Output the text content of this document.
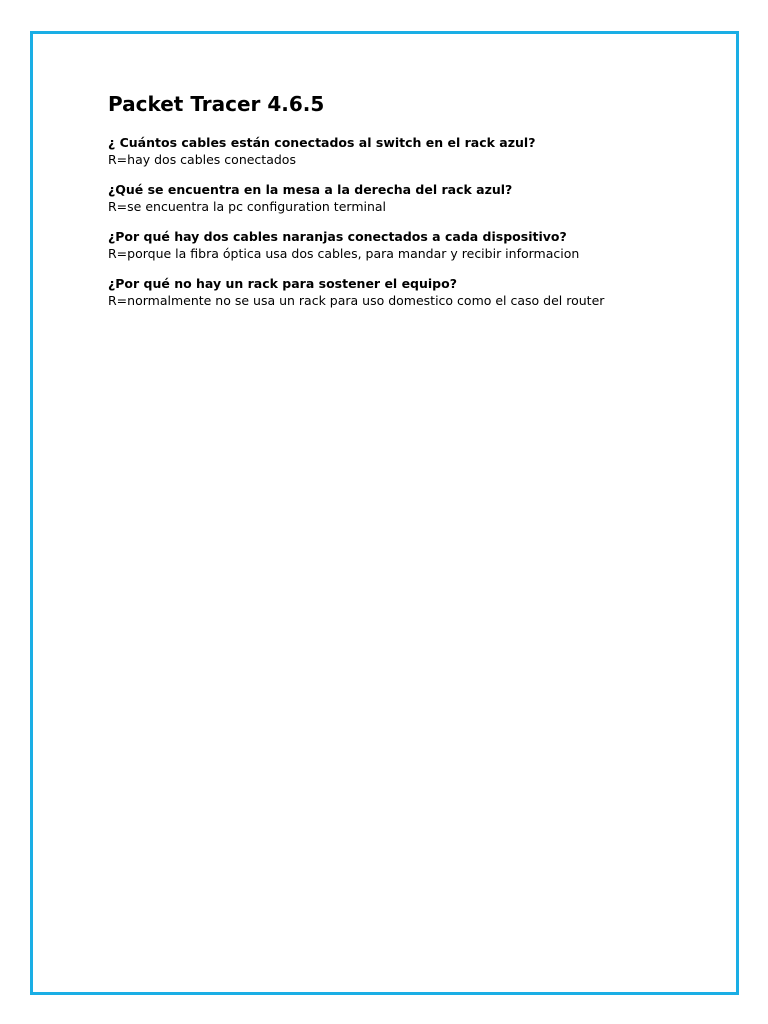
Packet Tracer 4.6.5

¿ Cuántos cables están conectados al switch en el rack azul?

R=hay dos cables conectados

¿Qué se encuentra en la mesa a la derecha del rack azul?

R=se encuentra la pc configuration terminal

¿Por qué hay dos cables naranjas conectados a cada dispositivo?

R=porque la fibra óptica usa dos cables, para mandar y recibir informacion

¿Por qué no hay un rack para sostener el equipo?

R=normalmente no se usa un rack para uso domestico como el caso del router
